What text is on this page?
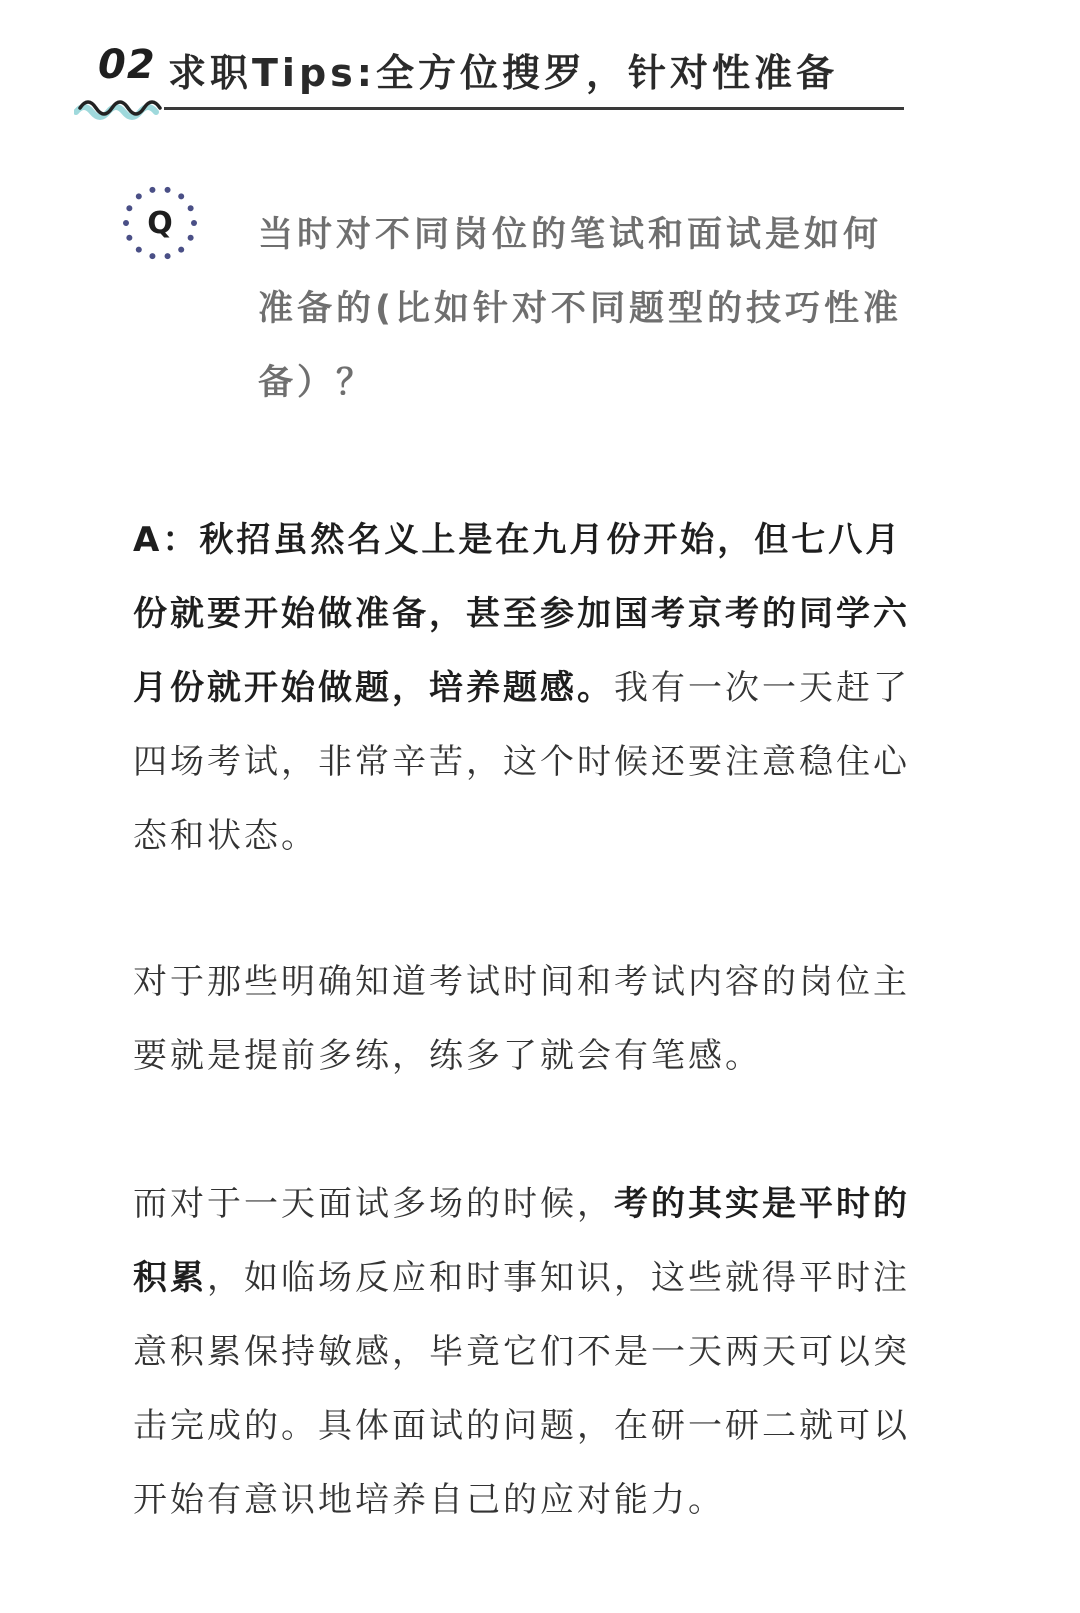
02 求职Tips:全方位搜罗，针对性准备
Q 当时对不同岗位的笔试和面试是如何准备的(比如针对不同题型的技巧性准备）？

A：秋招虽然名义上是在九月份开始，但七八月份就要开始做准备，甚至参加国考京考的同学六月份就开始做题，培养题感。我有一次一天赶了四场考试，非常辛苦，这个时候还要注意稳住心态和状态。

对于那些明确知道考试时间和考试内容的岗位主要就是提前多练，练多了就会有笔感。

而对于一天面试多场的时候，考的其实是平时的积累，如临场反应和时事知识，这些就得平时注意积累保持敏感，毕竟它们不是一天两天可以突击完成的。具体面试的问题，在研一研二就可以开始有意识地培养自己的应对能力。
